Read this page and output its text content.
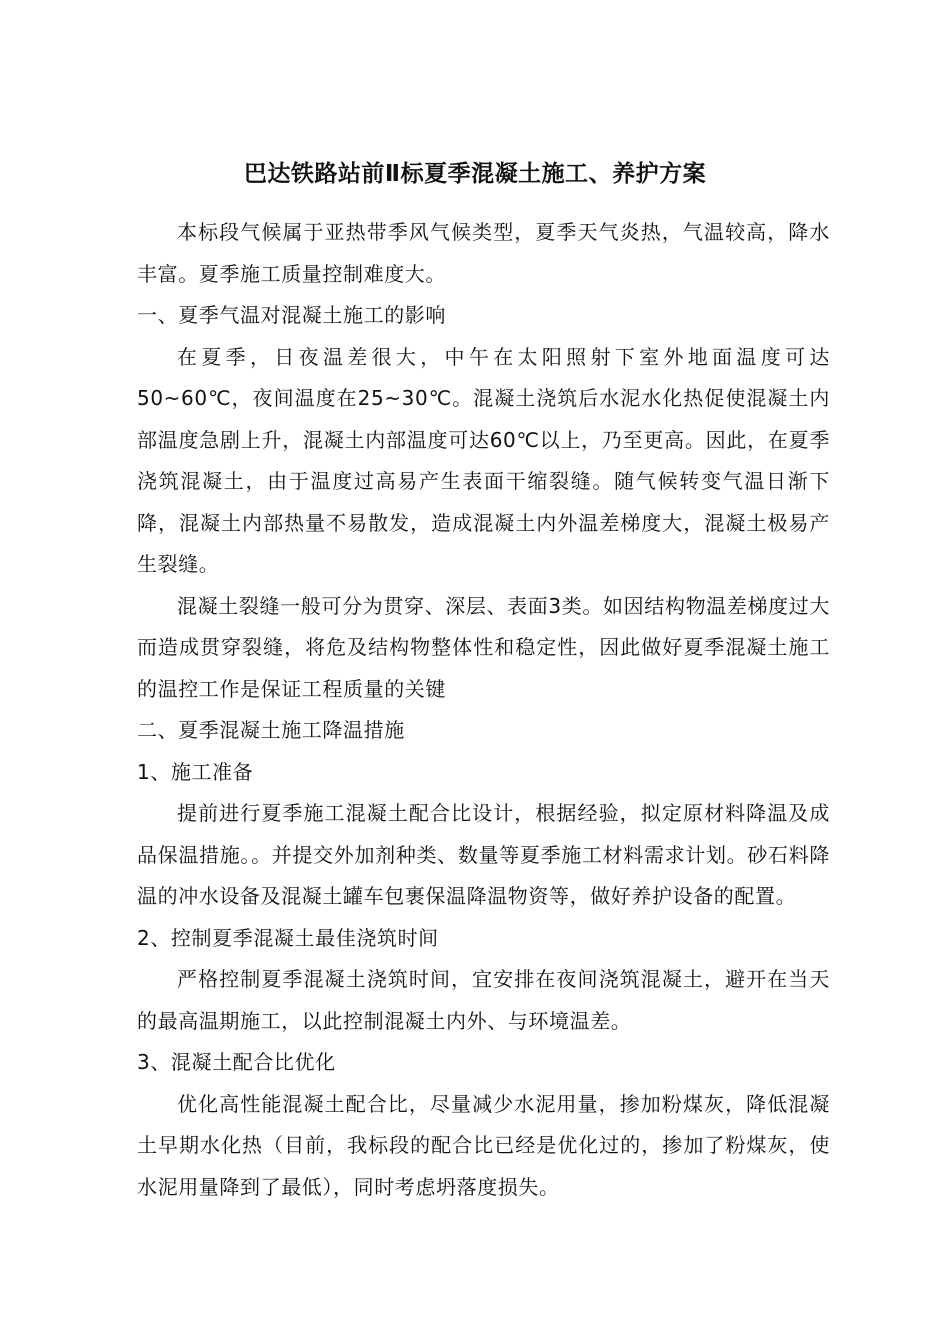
巴达铁路站前Ⅱ标夏季混凝土施工、养护方案

本标段气候属于亚热带季风气候类型，夏季天气炎热，气温较高，降水丰富。夏季施工质量控制难度大。

一、夏季气温对混凝土施工的影响

在夏季，日夜温差很大，中午在太阳照射下室外地面温度可达50~60℃，夜间温度在25~30℃。混凝土浇筑后水泥水化热促使混凝土内部温度急剧上升，混凝土内部温度可达60℃以上，乃至更高。因此，在夏季浇筑混凝土，由于温度过高易产生表面干缩裂缝。随气候转变气温日渐下降，混凝土内部热量不易散发，造成混凝土内外温差梯度大，混凝土极易产生裂缝。

混凝土裂缝一般可分为贯穿、深层、表面3类。如因结构物温差梯度过大而造成贯穿裂缝，将危及结构物整体性和稳定性，因此做好夏季混凝土施工的温控工作是保证工程质量的关键

二、夏季混凝土施工降温措施

1、施工准备

提前进行夏季施工混凝土配合比设计，根据经验，拟定原材料降温及成品保温措施。。并提交外加剂种类、数量等夏季施工材料需求计划。砂石料降温的冲水设备及混凝土罐车包裹保温降温物资等，做好养护设备的配置。

2、控制夏季混凝土最佳浇筑时间

严格控制夏季混凝土浇筑时间，宜安排在夜间浇筑混凝土，避开在当天的最高温期施工，以此控制混凝土内外、与环境温差。

3、混凝土配合比优化

优化高性能混凝土配合比，尽量减少水泥用量，掺加粉煤灰，降低混凝土早期水化热（目前，我标段的配合比已经是优化过的，掺加了粉煤灰，使水泥用量降到了最低），同时考虑坍落度损失。
